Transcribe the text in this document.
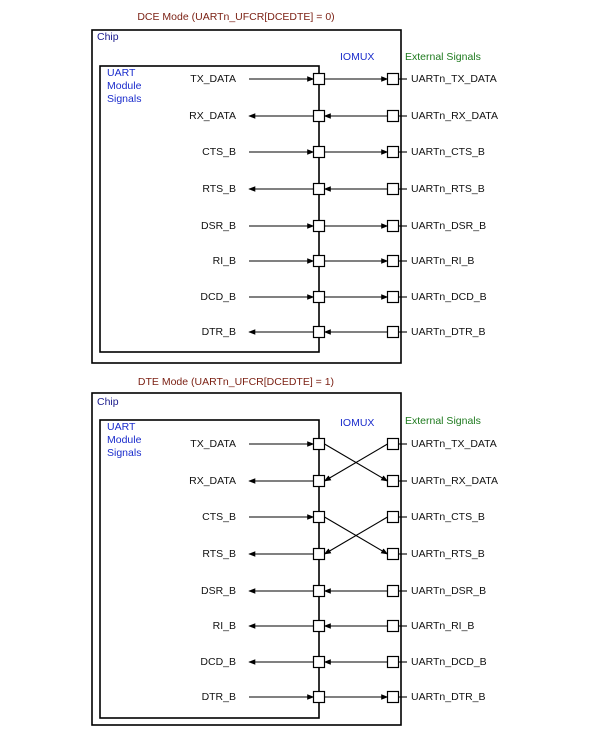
DCE Mode (UARTn_UFCR[DCEDTE] = 0)
Chip
UART
Module
Signals
IOMUX	External Signals
TX_DATA	UARTn_TX_DATA
RX_DATA	UARTn_RX_DATA
CTS_B	UARTn_CTS_B
RTS_B	UARTn_RTS_B
DSR_B	UARTn_DSR_B
RI_B	UARTn_RI_B
DCD_B	UARTn_DCD_B
DTR_B	UARTn_DTR_B
DTE Mode (UARTn_UFCR[DCEDTE] = 1)
Chip
UART
Module
Signals
IOMUX	External Signals
TX_DATA	UARTn_TX_DATA
RX_DATA	UARTn_RX_DATA
CTS_B	UARTn_CTS_B
RTS_B	UARTn_RTS_B
DSR_B	UARTn_DSR_B
RI_B	UARTn_RI_B
DCD_B	UARTn_DCD_B
DTR_B	UARTn_DTR_B
